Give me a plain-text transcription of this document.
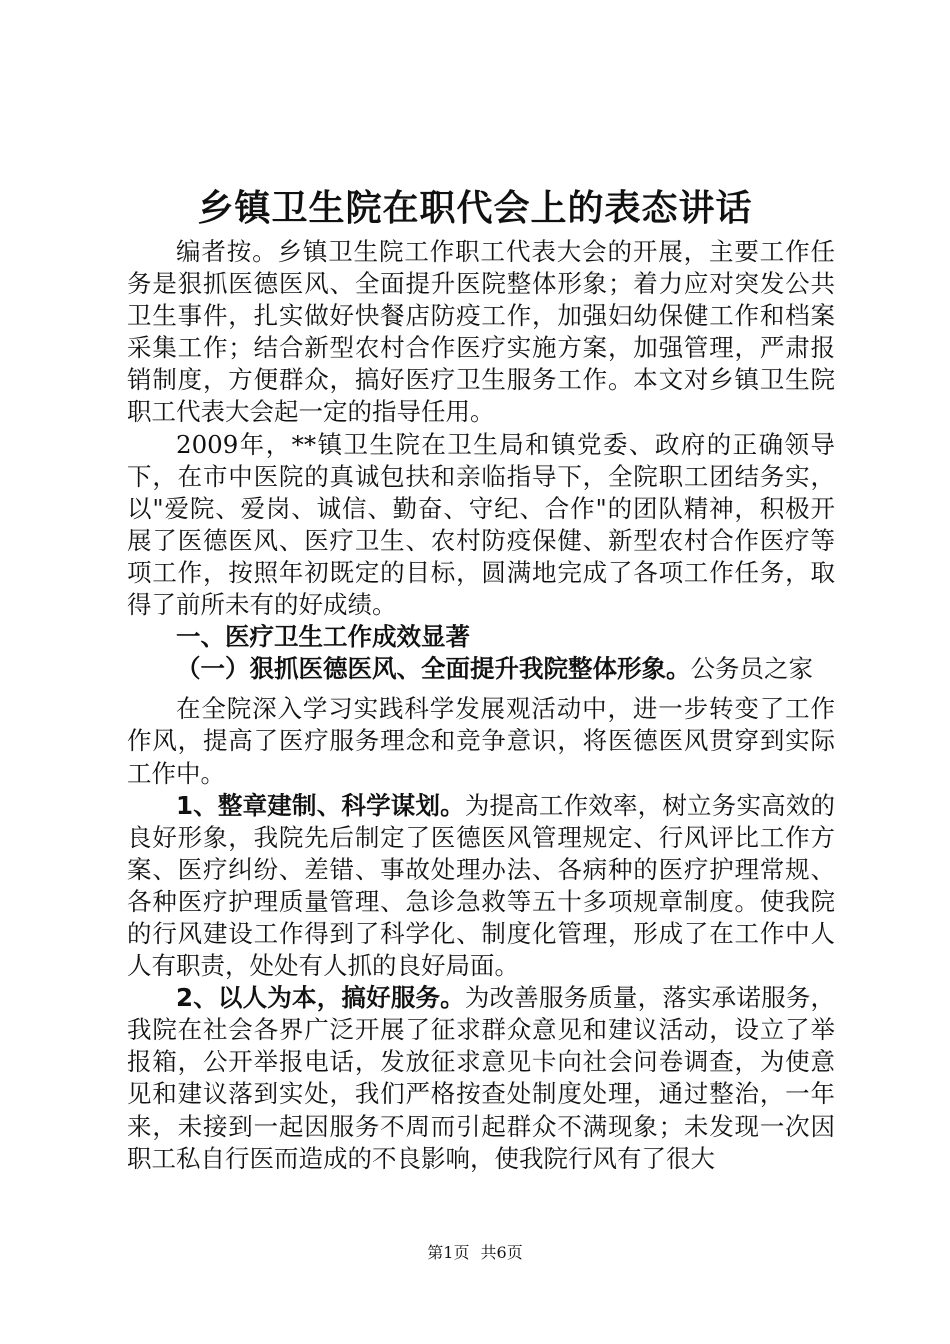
乡镇卫生院在职代会上的表态讲话

编者按。乡镇卫生院工作职工代表大会的开展，主要工作任务是狠抓医德医风、全面提升医院整体形象；着力应对突发公共卫生事件，扎实做好快餐店防疫工作，加强妇幼保健工作和档案采集工作；结合新型农村合作医疗实施方案，加强管理，严肃报销制度，方便群众，搞好医疗卫生服务工作。本文对乡镇卫生院职工代表大会起一定的指导任用。

2009年，**镇卫生院在卫生局和镇党委、政府的正确领导下，在市中医院的真诚包扶和亲临指导下，全院职工团结务实，以"爱院、爱岗、诚信、勤奋、守纪、合作"的团队精神，积极开展了医德医风、医疗卫生、农村防疫保健、新型农村合作医疗等项工作，按照年初既定的目标，圆满地完成了各项工作任务，取得了前所未有的好成绩。

一、医疗卫生工作成效显著

（一）狠抓医德医风、全面提升我院整体形象。公务员之家

在全院深入学习实践科学发展观活动中，进一步转变了工作作风，提高了医疗服务理念和竞争意识，将医德医风贯穿到实际工作中。

1、整章建制、科学谋划。为提高工作效率，树立务实高效的良好形象，我院先后制定了医德医风管理规定、行风评比工作方案、医疗纠纷、差错、事故处理办法、各病种的医疗护理常规、各种医疗护理质量管理、急诊急救等五十多项规章制度。使我院的行风建设工作得到了科学化、制度化管理，形成了在工作中人人有职责，处处有人抓的良好局面。

2、以人为本，搞好服务。为改善服务质量，落实承诺服务，我院在社会各界广泛开展了征求群众意见和建议活动，设立了举报箱，公开举报电话，发放征求意见卡向社会问卷调查，为使意见和建议落到实处，我们严格按查处制度处理，通过整治，一年来，未接到一起因服务不周而引起群众不满现象；未发现一次因职工私自行医而造成的不良影响，使我院行风有了很大

第1页 共6页
